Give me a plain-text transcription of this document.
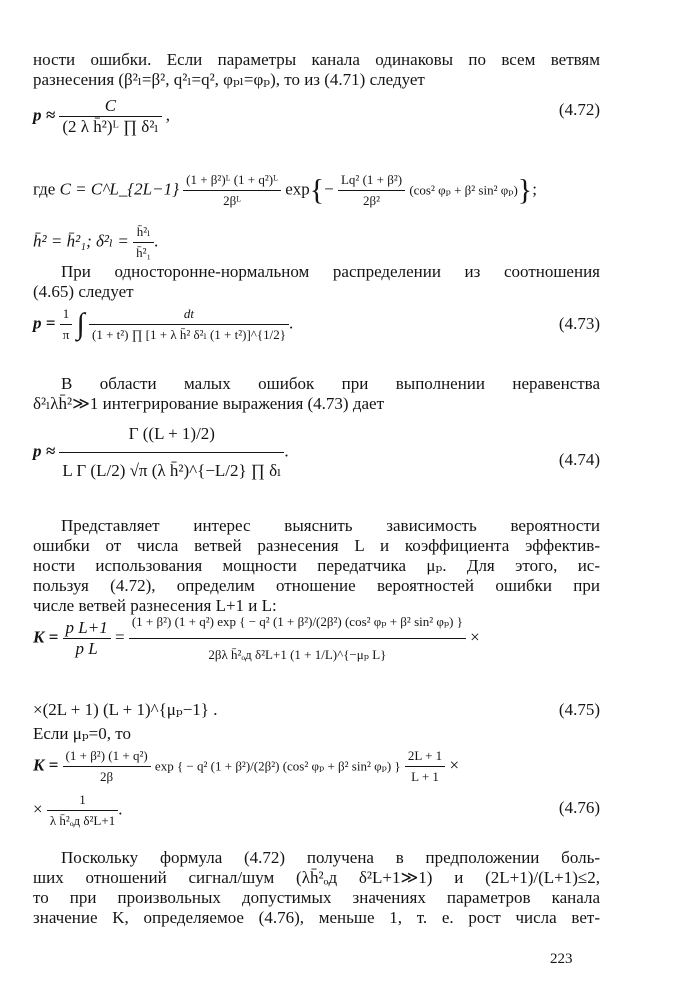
ности ошибки. Если параметры канала одинаковы по всем ветвям
разнесения (β²ₗ=β², q²ₗ=q², φₚₗ=φₚ), то из (4.71) следует

$p \approx \frac{C}{\text{(2 λ h̄²)ᴸ ∏ δ²ₗ}}$ ,	(4.72)
где C = C^L_{2L−1} $\frac{\text{(1 + β²)ᴸ (1 + q²)ᴸ}}{\text{2βᴸ}} \exp\{- \frac{\text{Lq² (1 + β²)}}{\text{2β²}} (\cos^2$ φₚ + β² sin² φₚ)};
h̄² = h̄²₁; $\delta^2_l = \frac{\text{h̄²ₗ}}{\text{h̄²₁}}$ .

При односторонне-нормальном распределении из соотношения
(4.65) следует

$p = \frac{1}{\pi}$ ∫ $\frac{dt}{\text{(1 + t²) ∏ [1 + λ h̄² δ²ₗ (1 + t²)]\textasciicircum{}\{1/2\}}}$ .	(4.73)

В области малых ошибок при выполнении неравенства
δ²ₗλh̄²≫1 интегрирование выражения (4.73) дает

$p \approx \frac{\Gamma ((L + 1)/2)}{\text{L Γ (L/2) √π (λ h̄²)\textasciicircum{}\{−L/2\} ∏ δₗ}}$ .	(4.74)

Представляет интерес выяснить зависимость вероятности
ошибки от числа ветвей разнесения L и коэффициента эффектив-
ности использования мощности передатчика μₚ. Для этого, ис-
пользуя (4.72), определим отношение вероятностей ошибки при
числе ветвей разнесения L+1 и L:

$K = \frac{\text{p L+1}}{\text{p L}}$ =
(1 + β²) (1 + q²) exp { − q² (1 + β²)/(2β²) (cos² φₚ + β² sin² φₚ) }
2βλ h̄²ₒд δ²L+1 (1 + 1/L)^{−μₚ L}
×
×(2L + 1) (L + 1)^{μₚ−1} .	(4.75)
Если μₚ=0, то
$K = \frac{\text{(1 + β²) (1 + q²)}}{2\beta}$ exp { − q² (1 + β²)/(2β²) (cos² φₚ + β² sin² φₚ) } $\frac{2L + 1}{L + 1}$ ×
× $\frac{1}{\text{λ h̄²ₒд δ²L+1}}$ .	(4.76)

Поскольку формула (4.72) получена в предположении боль-
ших отношений сигнал/шум (λh̄²ₒд δ²L+1≫1) и (2L+1)/(L+1)≤2,
то при произвольных допустимых значениях параметров канала
значение K, определяемое (4.76), меньше 1, т. е. рост числа вет-

223
